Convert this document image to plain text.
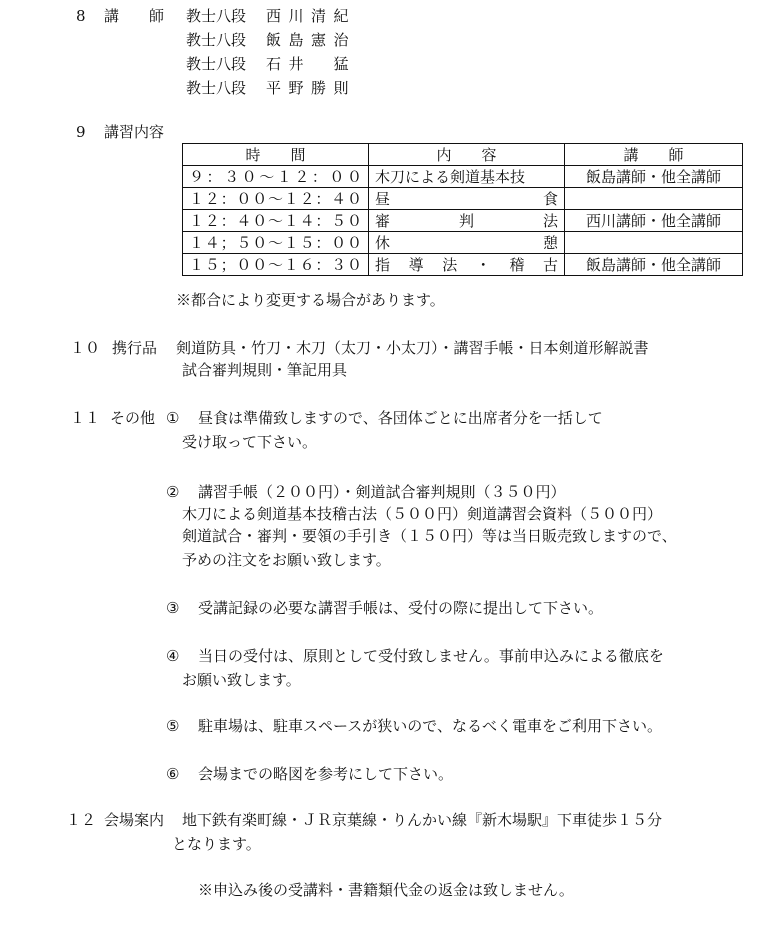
8 講　師 教士八段 西川清紀
教士八段 飯島憲治
教士八段 石井　猛
教士八段 平野勝則
9 講習内容
時　　間	内　　容	講　　師
９：３０～１２：００	木刀による剣道基本技	飯島講師・他全講師
１２：００～１２：４０	昼　　　食	
１２：４０～１４：５０	審　　判　　法	西川講師・他全講師
１４；５０～１５：００	休　　　憩	
１５；００～１６：３０	指　導　法　・　稽　古	飯島講師・他全講師
※都合により変更する場合があります。
１０ 携行品 剣道防具・竹刀・木刀（太刀・小太刀）・講習手帳・日本剣道形解説書
試合審判規則・筆記用具
１１ その他 ① 昼食は準備致しますので、各団体ごとに出席者分を一括して
受け取って下さい。
② 講習手帳（２００円）・剣道試合審判規則（３５０円）
木刀による剣道基本技稽古法（５００円）剣道講習会資料（５００円）
剣道試合・審判・要領の手引き（１５０円）等は当日販売致しますので、
予めの注文をお願い致します。
③ 受講記録の必要な講習手帳は、受付の際に提出して下さい。
④ 当日の受付は、原則として受付致しません。事前申込みによる徹底を
お願い致します。
⑤ 駐車場は、駐車スペースが狭いので、なるべく電車をご利用下さい。
⑥ 会場までの略図を参考にして下さい。
１２ 会場案内 地下鉄有楽町線・ＪＲ京葉線・りんかい線『新木場駅』下車徒歩１５分
となります。
※申込み後の受講料・書籍類代金の返金は致しません。
